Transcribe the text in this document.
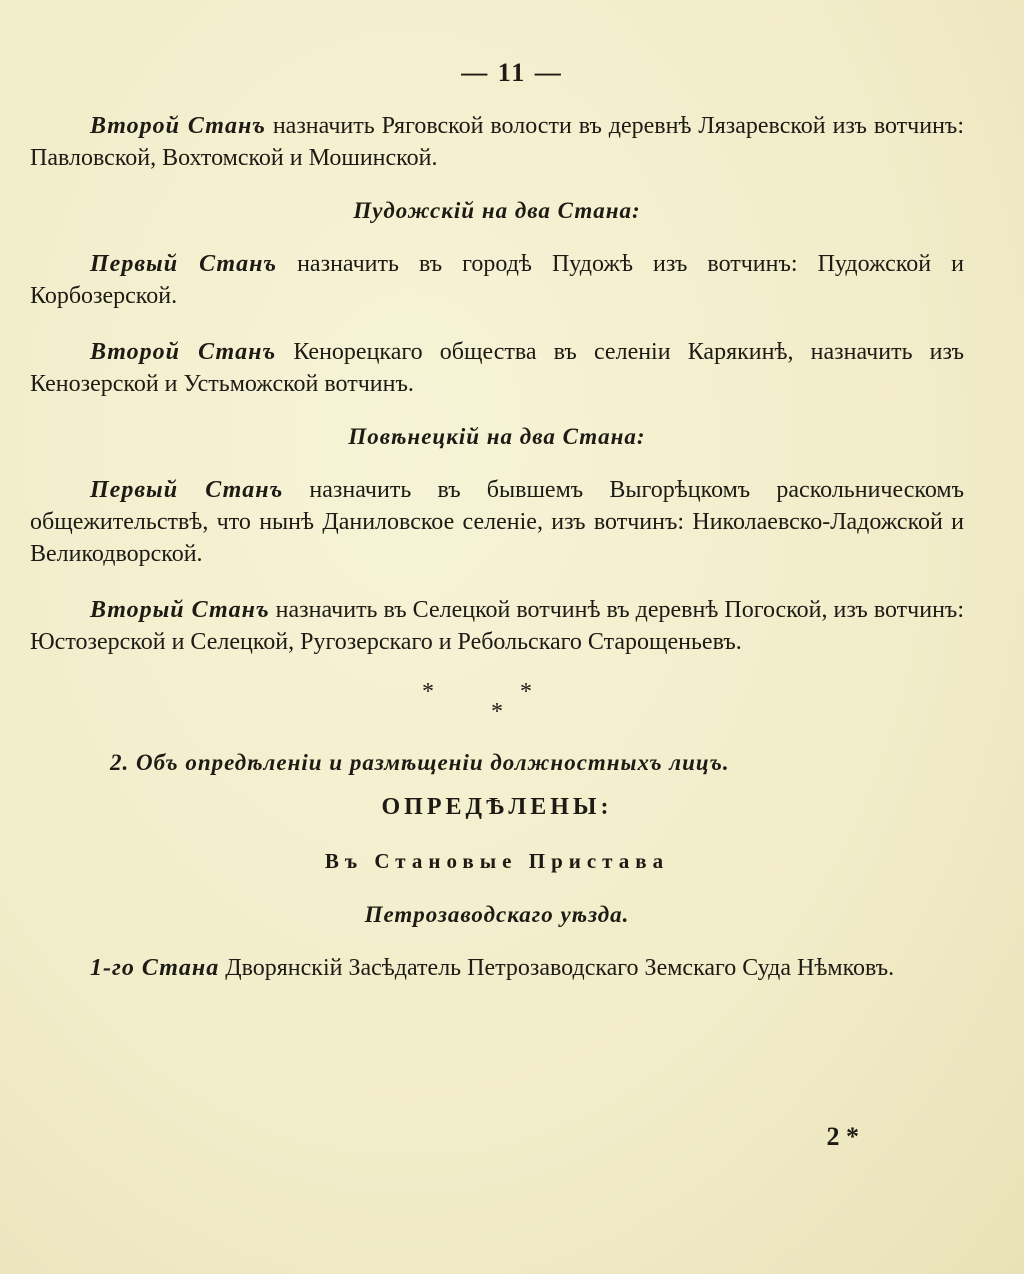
— 11 —

Второй Станъ назначить Ряговской волости въ деревнѣ Лязаревской изъ вотчинъ: Павловской, Вохтомской и Мошинской.

Пудожскій на два Стана:

Первый Станъ назначить въ городѣ Пудожѣ изъ вотчинъ: Пудожской и Корбозерской.

Второй Станъ Кенорецкаго общества въ селеніи Карякинѣ, назначить изъ Кенозерской и Устьможской вотчинъ.

Повѣнецкій на два Стана:

Первый Станъ назначить въ бывшемъ Выгорѣцкомъ раскольническомъ общежительствѣ, что нынѣ Даниловское селеніе, изъ вотчинъ: Николаевско-Ладожской и Великодворской.

Вторый Станъ назначить въ Селецкой вотчинѣ въ деревнѣ Погоской, изъ вотчинъ: Юстозерской и Селецкой, Ругозерскаго и Ребольскаго Старощеньевъ.

* *
*
2. Объ опредѣленіи и размѣщеніи должностныхъ лицъ.
ОПРЕДѢЛЕНЫ:
Въ Становые Пристава
Петрозаводскаго уѣзда.

1-го Стана Дворянскій Засѣдатель Петрозаводскаго Земскаго Суда Нѣмковъ.

2 *
